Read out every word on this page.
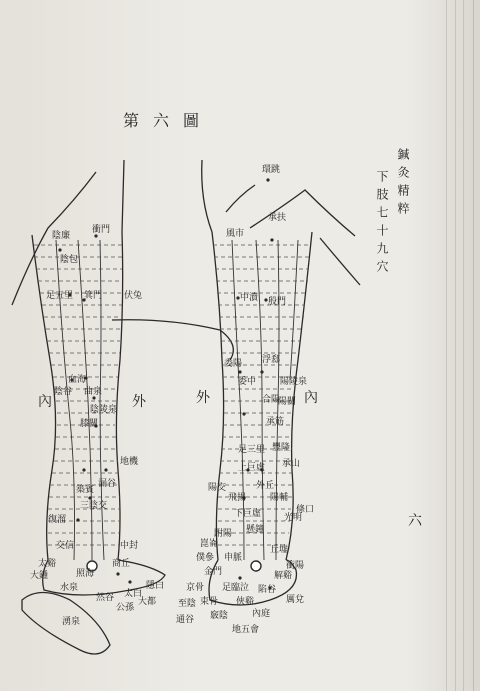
第六圖
鍼灸精粹
下肢七十九穴
六
內	外	外	內
陰廉
陰包
足五里 箕門
血海
陰谷 曲泉
陰陵泉
地機
膝關
漏谷
三陰交
復溜
交信
築賓
太谿
大鍾
水泉
照海
然谷
公孫
太白
大都
隱白
商丘
中封
湧泉
伏兔
衝門
環跳
承扶
風市
中瀆 殷門
浮郄
委陽
委中
合陽
承筋
承山
陽陵泉
陽關
足三里
上巨虛
條口
下巨虛
豐隆
陽交	外丘
光明
陽輔
懸鐘
飛揚
跗陽
崑崙
僕參 申脈
金門
京骨
束骨
丘墟
解谿
衝陽
陷谷
足臨泣
地五會
俠谿
竅陰
至陰
通谷
內庭
厲兌
